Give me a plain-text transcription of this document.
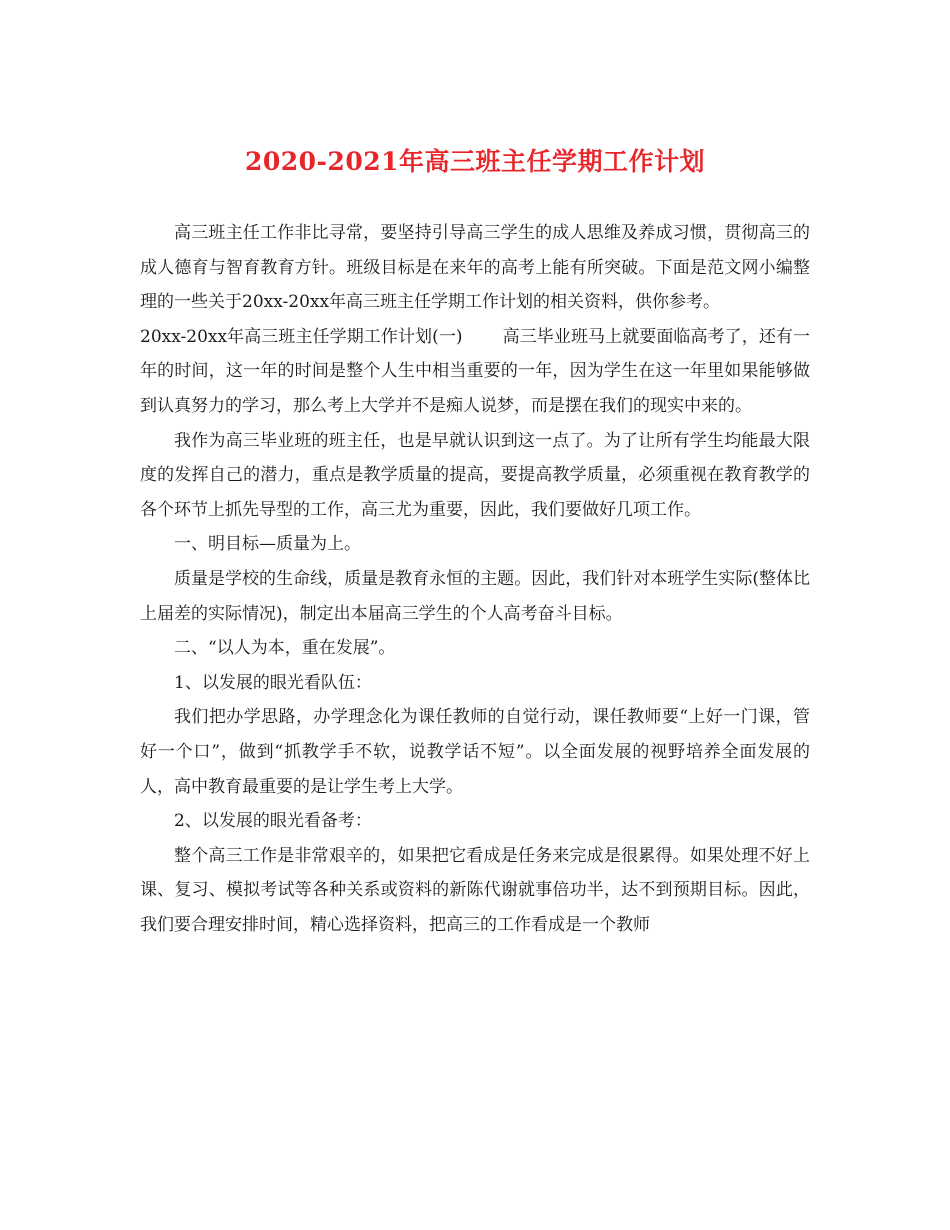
2020-2021年高三班主任学期工作计划

高三班主任工作非比寻常，要坚持引导高三学生的成人思维及养成习惯，贯彻高三的成人德育与智育教育方针。班级目标是在来年的高考上能有所突破。下面是范文网小编整理的一些关于20xx-20xx年高三班主任学期工作计划的相关资料，供你参考。

20xx-20xx年高三班主任学期工作计划(一) 高三毕业班马上就要面临高考了，还有一年的时间，这一年的时间是整个人生中相当重要的一年，因为学生在这一年里如果能够做到认真努力的学习，那么考上大学并不是痴人说梦，而是摆在我们的现实中来的。

我作为高三毕业班的班主任，也是早就认识到这一点了。为了让所有学生均能最大限度的发挥自己的潜力，重点是教学质量的提高，要提高教学质量，必须重视在教育教学的各个环节上抓先导型的工作，高三尤为重要，因此，我们要做好几项工作。

一、明目标—质量为上。

质量是学校的生命线，质量是教育永恒的主题。因此，我们针对本班学生实际(整体比上届差的实际情况)，制定出本届高三学生的个人高考奋斗目标。

二、“以人为本，重在发展”。

1、以发展的眼光看队伍：

我们把办学思路，办学理念化为课任教师的自觉行动，课任教师要“上好一门课，管好一个口”，做到“抓教学手不软，说教学话不短”。以全面发展的视野培养全面发展的人，高中教育最重要的是让学生考上大学。

2、以发展的眼光看备考：

整个高三工作是非常艰辛的，如果把它看成是任务来完成是很累得。如果处理不好上课、复习、模拟考试等各种关系或资料的新陈代谢就事倍功半，达不到预期目标。因此，我们要合理安排时间，精心选择资料，把高三的工作看成是一个教师
